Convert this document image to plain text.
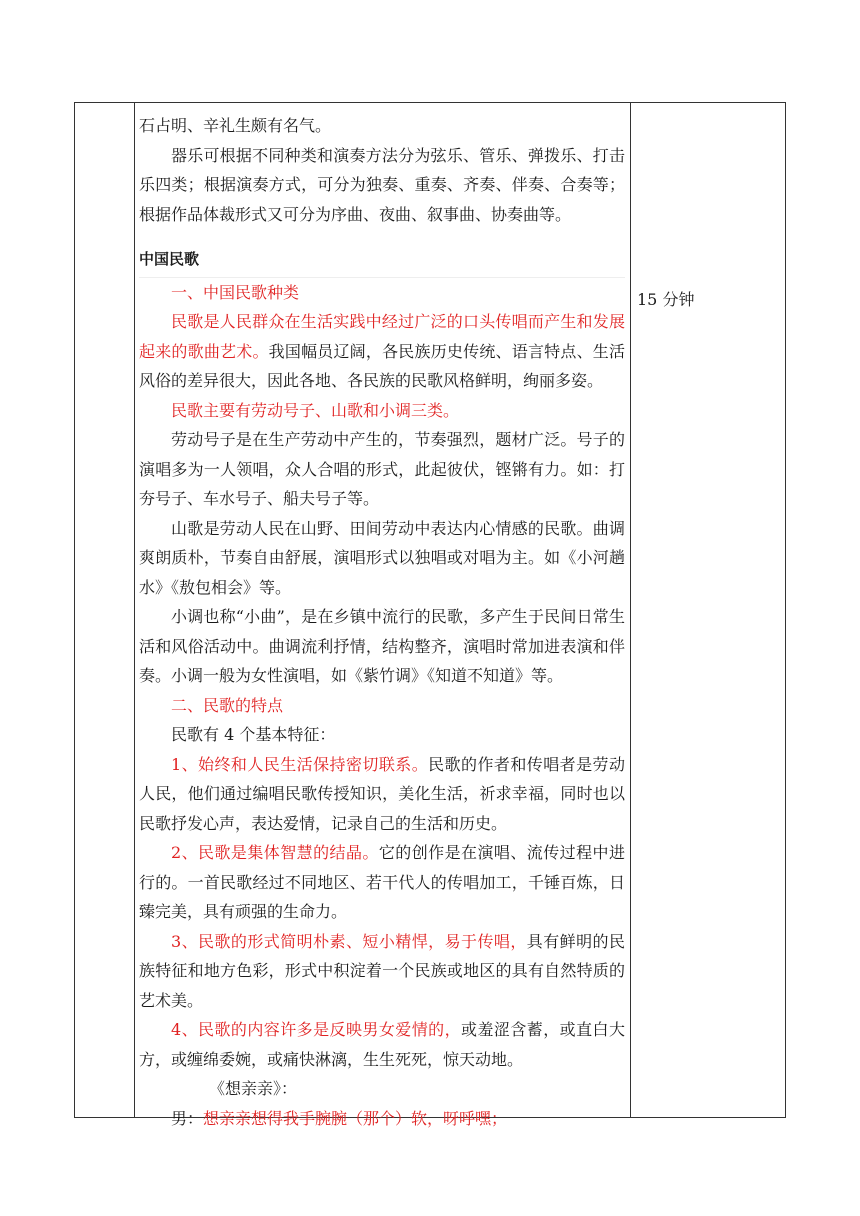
石占明、辛礼生颇有名气。

器乐可根据不同种类和演奏方法分为弦乐、管乐、弹拨乐、打击乐四类；根据演奏方式，可分为独奏、重奏、齐奏、伴奏、合奏等；根据作品体裁形式又可分为序曲、夜曲、叙事曲、协奏曲等。

中国民歌

一、中国民歌种类

民歌是人民群众在生活实践中经过广泛的口头传唱而产生和发展起来的歌曲艺术。我国幅员辽阔，各民族历史传统、语言特点、生活风俗的差异很大，因此各地、各民族的民歌风格鲜明，绚丽多姿。

民歌主要有劳动号子、山歌和小调三类。

劳动号子是在生产劳动中产生的，节奏强烈，题材广泛。号子的演唱多为一人领唱，众人合唱的形式，此起彼伏，铿锵有力。如：打夯号子、车水号子、船夫号子等。

山歌是劳动人民在山野、田间劳动中表达内心情感的民歌。曲调爽朗质朴，节奏自由舒展，演唱形式以独唱或对唱为主。如《小河趟水》《敖包相会》等。

小调也称“小曲”，是在乡镇中流行的民歌，多产生于民间日常生活和风俗活动中。曲调流利抒情，结构整齐，演唱时常加进表演和伴奏。小调一般为女性演唱，如《紫竹调》《知道不知道》等。

二、民歌的特点

民歌有 4 个基本特征：

1、始终和人民生活保持密切联系。民歌的作者和传唱者是劳动人民，他们通过编唱民歌传授知识，美化生活，祈求幸福，同时也以民歌抒发心声，表达爱情，记录自己的生活和历史。

2、民歌是集体智慧的结晶。它的创作是在演唱、流传过程中进行的。一首民歌经过不同地区、若干代人的传唱加工，千锤百炼，日臻完美，具有顽强的生命力。

3、民歌的形式简明朴素、短小精悍，易于传唱，具有鲜明的民族特征和地方色彩，形式中积淀着一个民族或地区的具有自然特质的艺术美。

4、民歌的内容许多是反映男女爱情的，或羞涩含蓄，或直白大方，或缠绵委婉，或痛快淋漓，生生死死，惊天动地。

《想亲亲》：

男：想亲亲想得我手腕腕（那个）软，呀呼嘿；

15 分钟
